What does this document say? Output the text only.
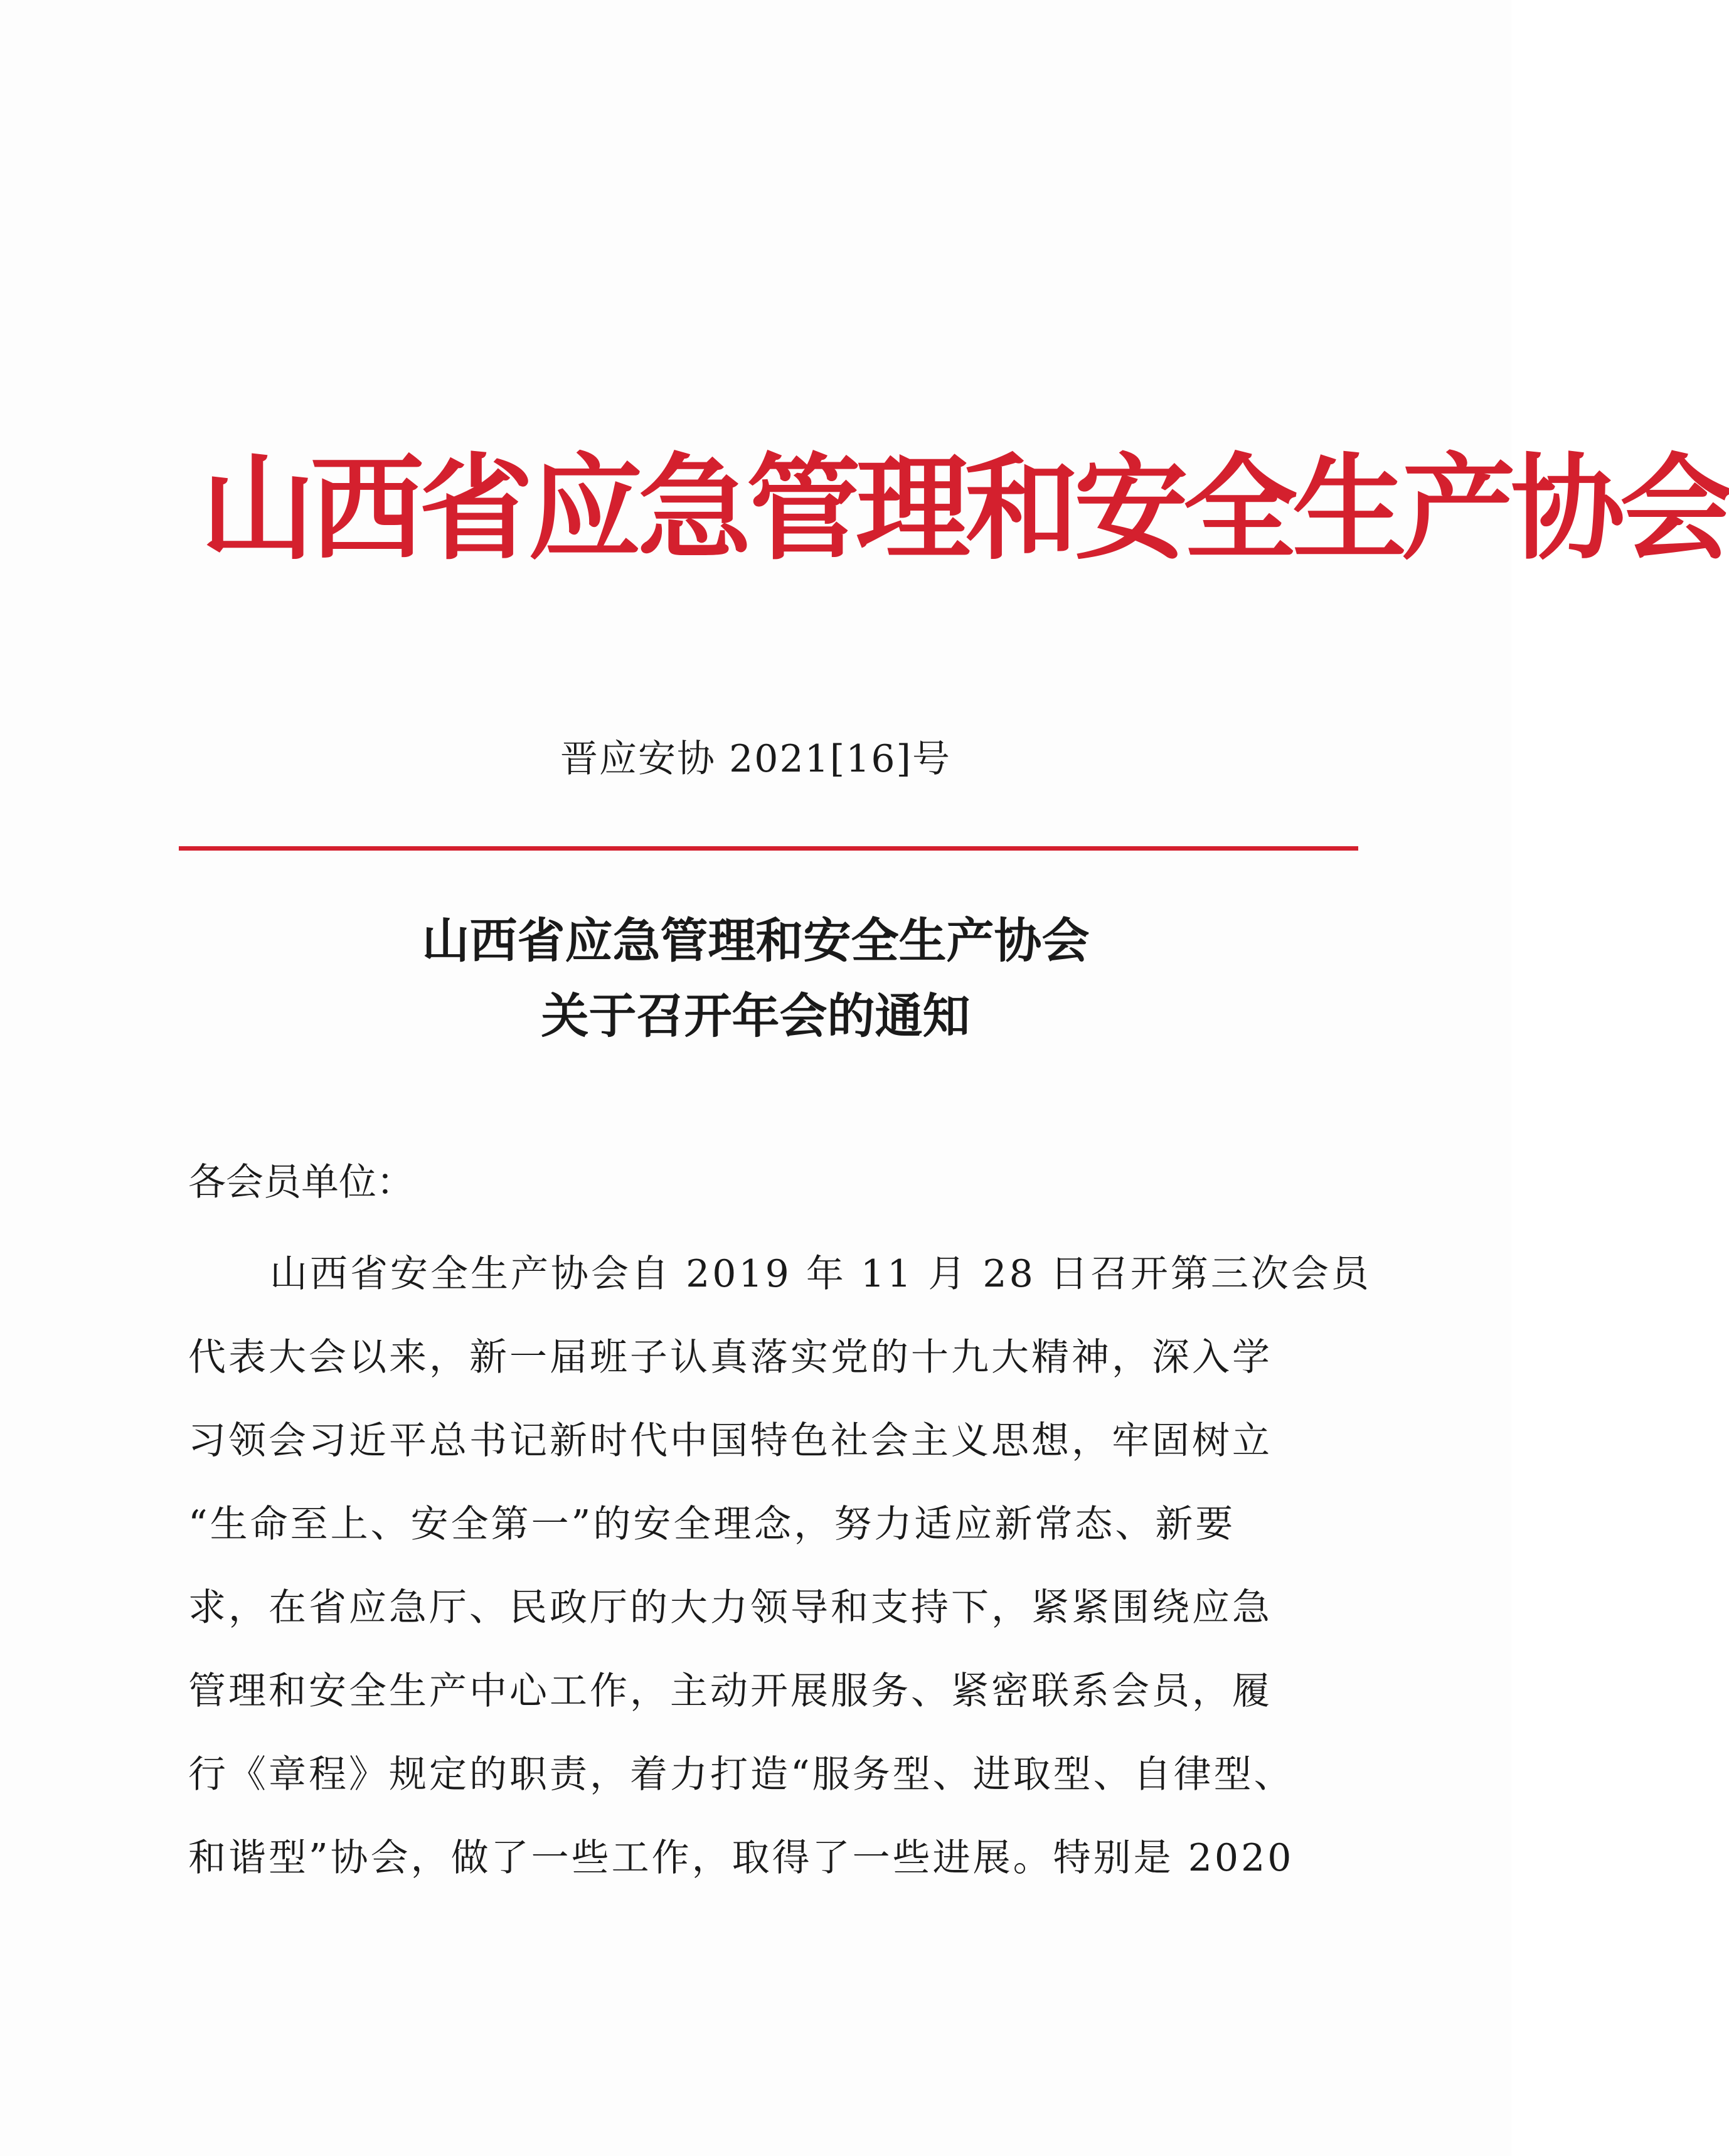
山西省应急管理和安全生产协会
晋应安协 2021[16]号
山西省应急管理和安全生产协会
关于召开年会的通知
各会员单位：
山西省安全生产协会自 2019 年 11 月 28 日召开第三次会员
代表大会以来，新一届班子认真落实党的十九大精神，深入学
习领会习近平总书记新时代中国特色社会主义思想，牢固树立
“生命至上、安全第一”的安全理念，努力适应新常态、新要
求，在省应急厅、民政厅的大力领导和支持下，紧紧围绕应急
管理和安全生产中心工作，主动开展服务、紧密联系会员，履
行《章程》规定的职责，着力打造“服务型、进取型、自律型、
和谐型”协会，做了一些工作，取得了一些进展。特别是 2020
